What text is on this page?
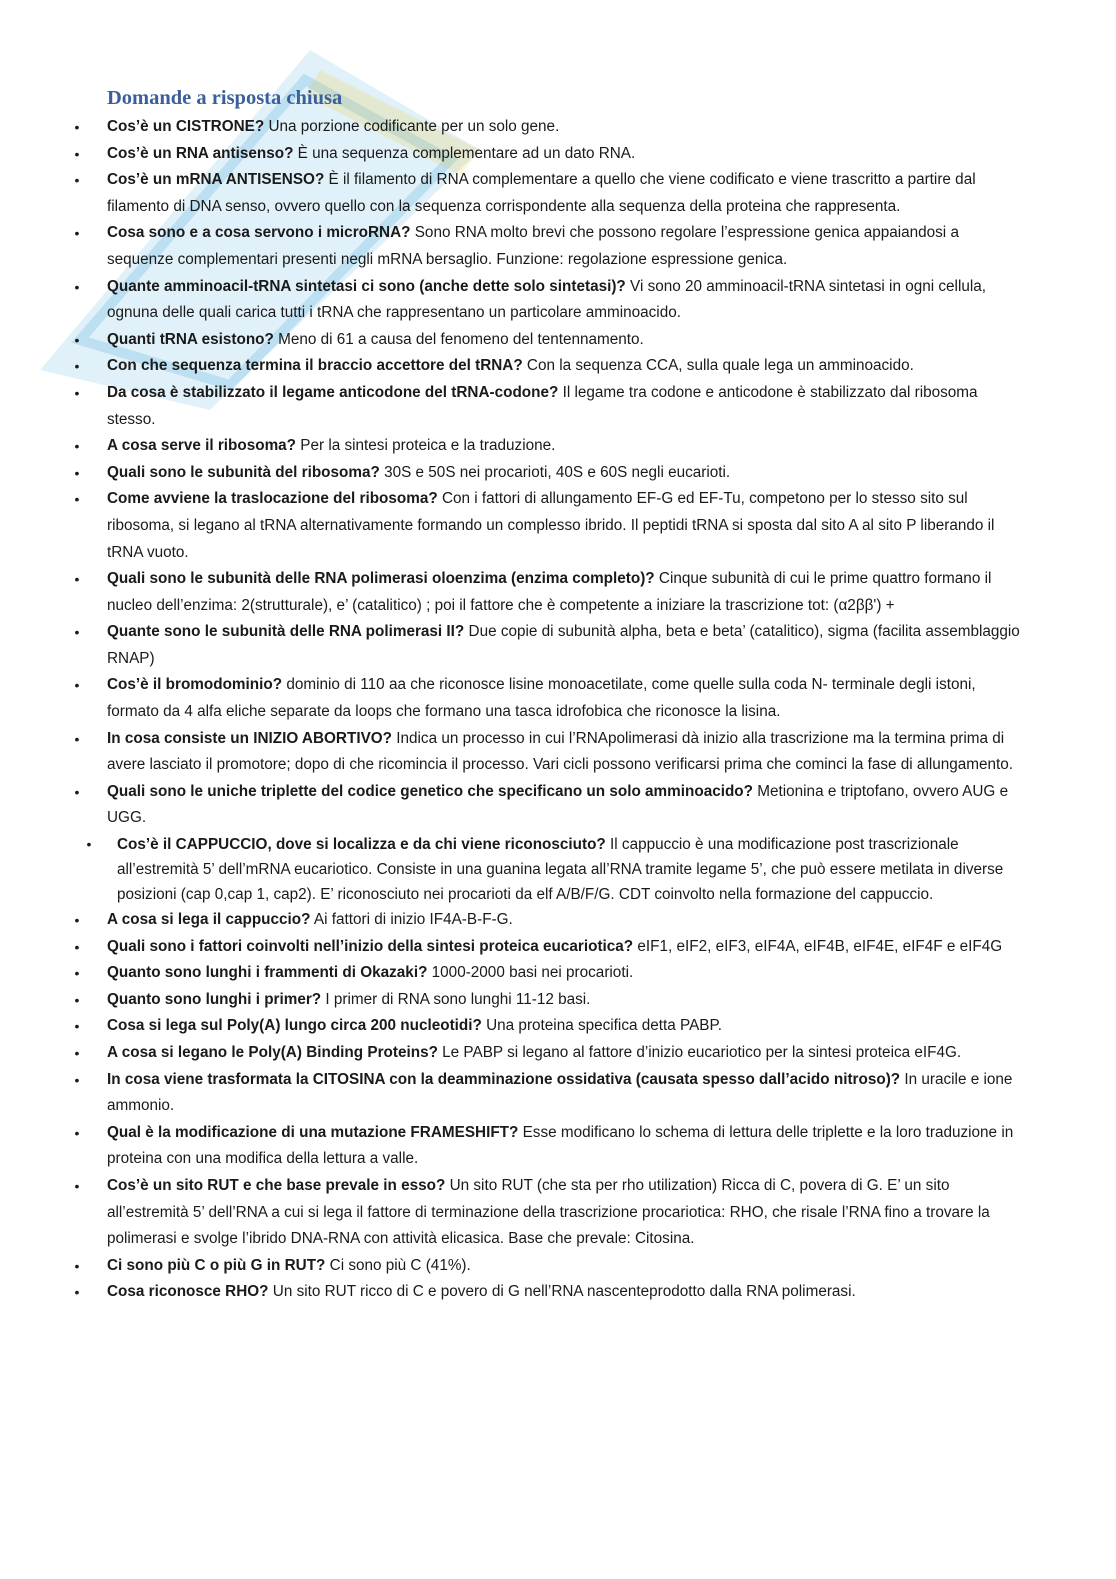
Domande a risposta chiusa
• Cos’è un CISTRONE? Una porzione codificante per un solo gene.
• Cos’è un RNA antisenso? È una sequenza complementare ad un dato RNA.
• Cos’è un mRNA ANTISENSO? È il filamento di RNA complementare a quello che viene codificato e viene trascritto a partire dal filamento di DNA senso, ovvero quello con la sequenza corrispondente alla sequenza della proteina che rappresenta.
• Cosa sono e a cosa servono i microRNA? Sono RNA molto brevi che possono regolare l’espressione genica appaiandosi a sequenze complementari presenti negli mRNA bersaglio. Funzione: regolazione espressione genica.
• Quante amminoacil-tRNA sintetasi ci sono (anche dette solo sintetasi)? Vi sono 20 amminoacil-tRNA sintetasi in ogni cellula, ognuna delle quali carica tutti i tRNA che rappresentano un particolare amminoacido.
• Quanti tRNA esistono? Meno di 61 a causa del fenomeno del tentennamento.
• Con che sequenza termina il braccio accettore del tRNA? Con la sequenza CCA, sulla quale lega un amminoacido.
• Da cosa è stabilizzato il legame anticodone del tRNA-codone? Il legame tra codone e anticodone è stabilizzato dal ribosoma stesso.
• A cosa serve il ribosoma? Per la sintesi proteica e la traduzione.
• Quali sono le subunità del ribosoma? 30S e 50S nei procarioti, 40S e 60S negli eucarioti.
• Come avviene la traslocazione del ribosoma? Con i fattori di allungamento EF-G ed EF-Tu, competono per lo stesso sito sul ribosoma, si legano al tRNA alternativamente formando un complesso ibrido. Il peptidi tRNA si sposta dal sito A al sito P liberando il tRNA vuoto.
• Quali sono le subunità delle RNA polimerasi oloenzima (enzima completo)? Cinque subunità di cui le prime quattro formano il nucleo dell’enzima: 2(strutturale), e’ (catalitico) ; poi il fattore che è competente a iniziare la trascrizione tot: (α2ββ') +
• Quante sono le subunità delle RNA polimerasi II? Due copie di subunità alpha, beta e beta’ (catalitico), sigma (facilita assemblaggio RNAP)
• Cos’è il bromodominio? dominio di 110 aa che riconosce lisine monoacetilate, come quelle sulla coda N- terminale degli istoni, formato da 4 alfa eliche separate da loops che formano una tasca idrofobica che riconosce la lisina.
• In cosa consiste un INIZIO ABORTIVO? Indica un processo in cui l’RNApolimerasi dà inizio alla trascrizione ma la termina prima di avere lasciato il promotore; dopo di che ricomincia il processo. Vari cicli possono verificarsi prima che cominci la fase di allungamento.
• Quali sono le uniche triplette del codice genetico che specificano un solo amminoacido? Metionina e triptofano, ovvero AUG e UGG.
• Cos’è il CAPPUCCIO, dove si localizza e da chi viene riconosciuto? Il cappuccio è una modificazione post trascrizionale all’estremità 5’ dell’mRNA eucariotico. Consiste in una guanina legata all’RNA tramite legame 5’, che può essere metilata in diverse posizioni (cap 0,cap 1, cap2). E’ riconosciuto nei procarioti da elf A/B/F/G. CDT coinvolto nella formazione del cappuccio.
• A cosa si lega il cappuccio? Ai fattori di inizio IF4A-B-F-G.
• Quali sono i fattori coinvolti nell’inizio della sintesi proteica eucariotica? eIF1, eIF2, eIF3, eIF4A, eIF4B, eIF4E, eIF4F e eIF4G
• Quanto sono lunghi i frammenti di Okazaki? 1000-2000 basi nei procarioti.
• Quanto sono lunghi i primer? I primer di RNA sono lunghi 11-12 basi.
• Cosa si lega sul Poly(A) lungo circa 200 nucleotidi? Una proteina specifica detta PABP.
• A cosa si legano le Poly(A) Binding Proteins? Le PABP si legano al fattore d’inizio eucariotico per la sintesi proteica eIF4G.
• In cosa viene trasformata la CITOSINA con la deamminazione ossidativa (causata spesso dall’acido nitroso)? In uracile e ione ammonio.
• Qual è la modificazione di una mutazione FRAMESHIFT? Esse modificano lo schema di lettura delle triplette e la loro traduzione in proteina con una modifica della lettura a valle.
• Cos’è un sito RUT e che base prevale in esso? Un sito RUT (che sta per rho utilization) Ricca di C, povera di G. E’ un sito all’estremità 5’ dell’RNA a cui si lega il fattore di terminazione della trascrizione procariotica: RHO, che risale l’RNA fino a trovare la polimerasi e svolge l’ibrido DNA-RNA con attività elicasica. Base che prevale: Citosina.
• Ci sono più C o più G in RUT? Ci sono più C (41%).
• Cosa riconosce RHO? Un sito RUT ricco di C e povero di G nell’RNA nascenteprodotto dalla RNA polimerasi.
